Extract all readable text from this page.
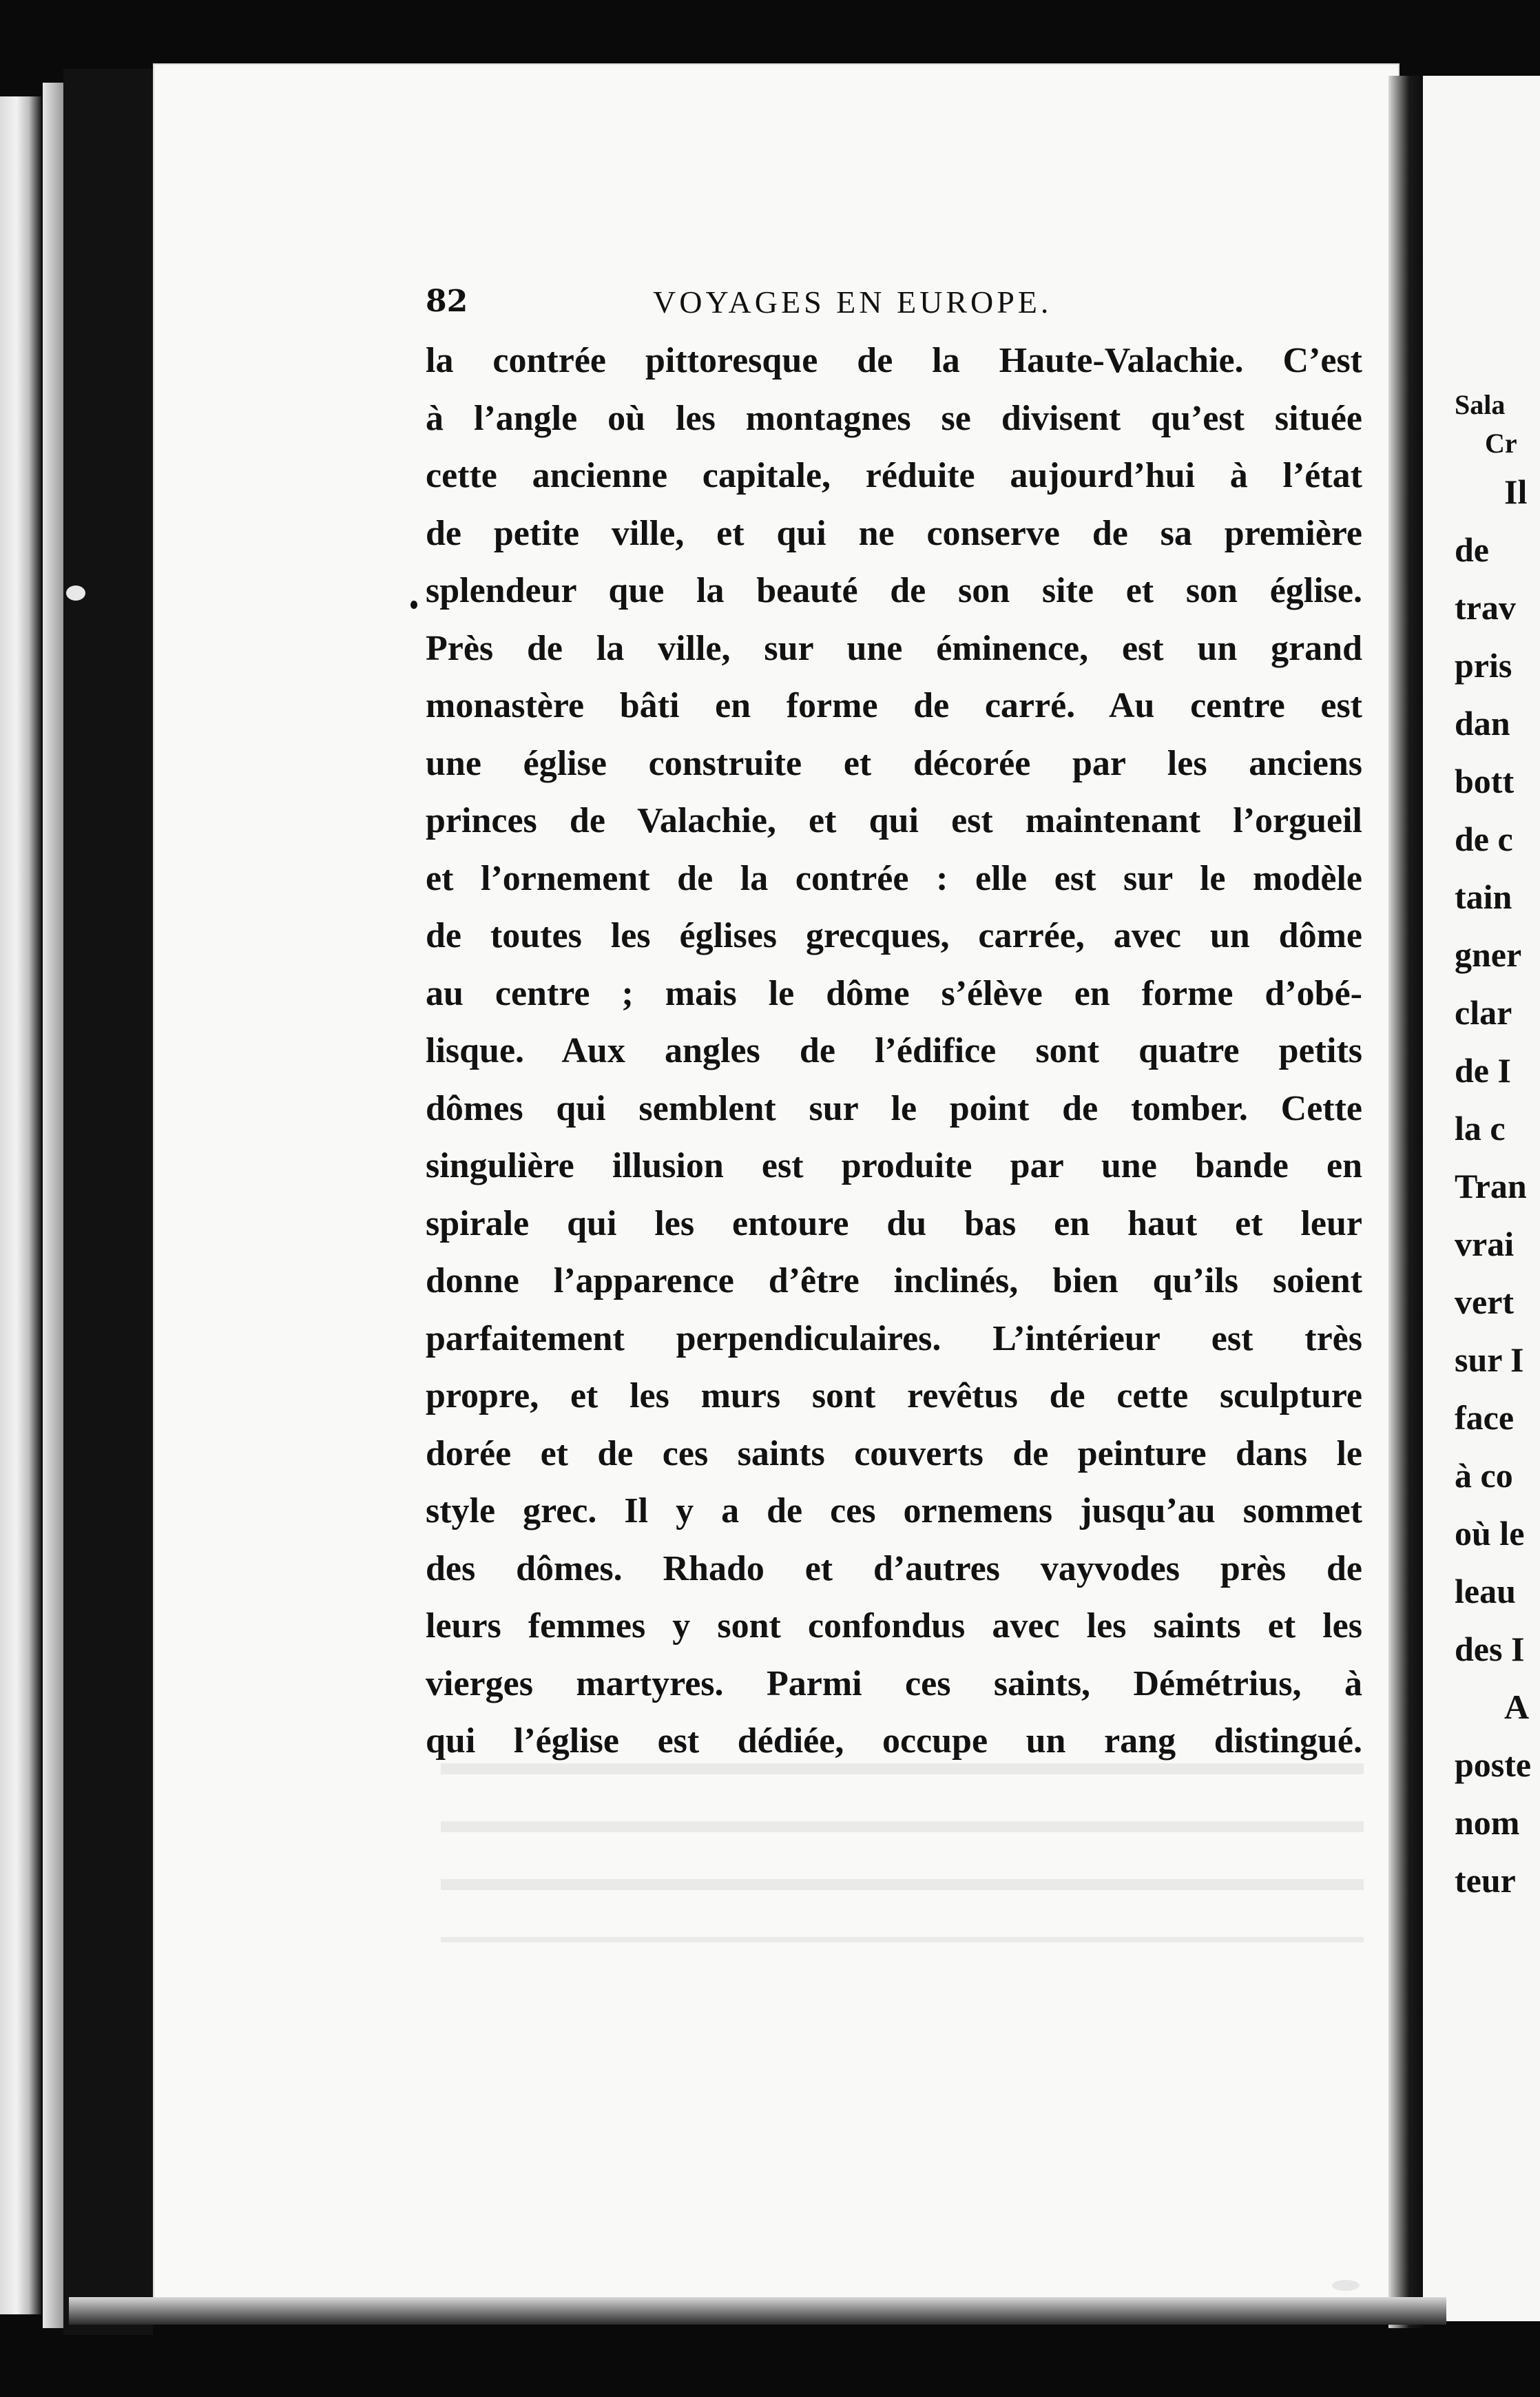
82	VOYAGES EN EUROPE.
la contrée pittoresque de la Haute-Valachie. C’est
à l’angle où les montagnes se divisent qu’est située
cette ancienne capitale, réduite aujourd’hui à l’état
de petite ville, et qui ne conserve de sa première
splendeur que la beauté de son site et son église.
Près de la ville, sur une éminence, est un grand
monastère bâti en forme de carré. Au centre est
une église construite et décorée par les anciens
princes de Valachie, et qui est maintenant l’orgueil
et l’ornement de la contrée : elle est sur le modèle
de toutes les églises grecques, carrée, avec un dôme
au centre ; mais le dôme s’élève en forme d’obé-
lisque. Aux angles de l’édifice sont quatre petits
dômes qui semblent sur le point de tomber. Cette
singulière illusion est produite par une bande en
spirale qui les entoure du bas en haut et leur
donne l’apparence d’être inclinés, bien qu’ils soient
parfaitement perpendiculaires. L’intérieur est très
propre, et les murs sont revêtus de cette sculpture
dorée et de ces saints couverts de peinture dans le
style grec. Il y a de ces ornemens jusqu’au sommet
des dômes. Rhado et d’autres vayvodes près de
leurs femmes y sont confondus avec les saints et les
vierges martyres. Parmi ces saints, Démétrius, à
qui l’église est dédiée, occupe un rang distingué.
Sala
Cr
Il
de
trav
pris
dan
bott
de c
tain
gner
clar
de I
la c
Tran
vrai
vert
sur I
face
à co
où le
leau
des I
A
poste
nom
teur
